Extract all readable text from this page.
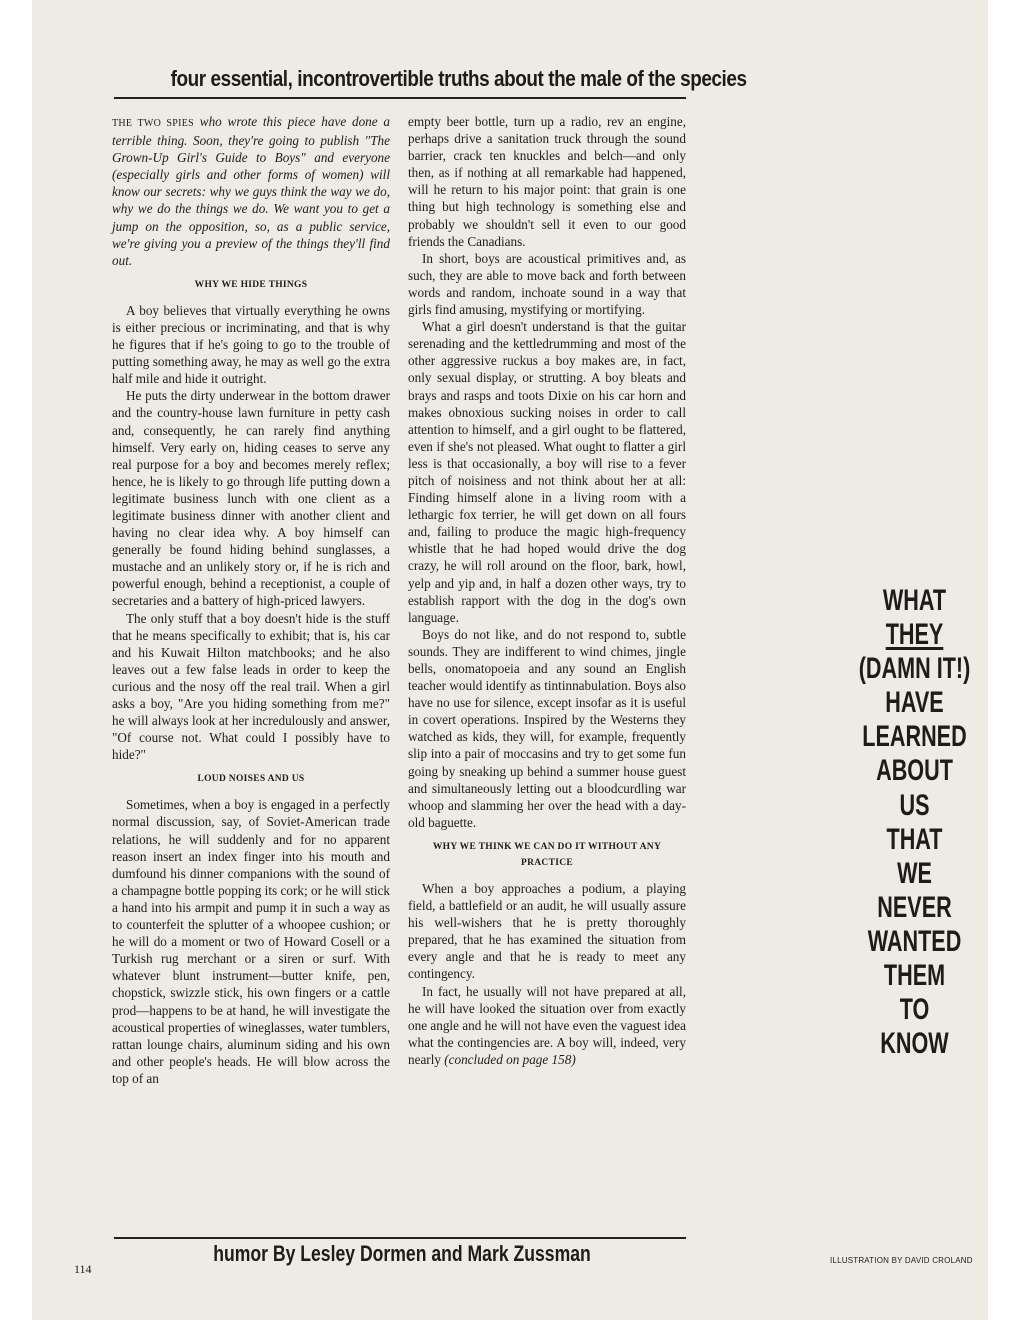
four essential, incontrovertible truths about the male of the species

THE TWO SPIES who wrote this piece have done a terrible thing. Soon, they're going to publish "The Grown-Up Girl's Guide to Boys" and everyone (especially girls and other forms of women) will know our secrets: why we guys think the way we do, why we do the things we do. We want you to get a jump on the opposition, so, as a public service, we're giving you a preview of the things they'll find out.

WHY WE HIDE THINGS

A boy believes that virtually everything he owns is either precious or incriminating, and that is why he figures that if he's going to go to the trouble of putting something away, he may as well go the extra half mile and hide it outright.

He puts the dirty underwear in the bottom drawer and the country-house lawn furniture in petty cash and, consequently, he can rarely find anything himself. Very early on, hiding ceases to serve any real purpose for a boy and becomes merely reflex; hence, he is likely to go through life putting down a legitimate business lunch with one client as a legitimate business dinner with another client and having no clear idea why. A boy himself can generally be found hiding behind sunglasses, a mustache and an unlikely story or, if he is rich and powerful enough, behind a receptionist, a couple of secretaries and a battery of high-priced lawyers.

The only stuff that a boy doesn't hide is the stuff that he means specifically to exhibit; that is, his car and his Kuwait Hilton matchbooks; and he also leaves out a few false leads in order to keep the curious and the nosy off the real trail. When a girl asks a boy, "Are you hiding something from me?" he will always look at her incredulously and answer, "Of course not. What could I possibly have to hide?"

LOUD NOISES AND US

Sometimes, when a boy is engaged in a perfectly normal discussion, say, of Soviet-American trade relations, he will suddenly and for no apparent reason insert an index finger into his mouth and dumfound his dinner companions with the sound of a champagne bottle popping its cork; or he will stick a hand into his armpit and pump it in such a way as to counterfeit the splutter of a whoopee cushion; or he will do a moment or two of Howard Cosell or a Turkish rug merchant or a siren or surf. With whatever blunt instrument—butter knife, pen, chopstick, swizzle stick, his own fingers or a cattle prod—happens to be at hand, he will investigate the acoustical properties of wineglasses, water tumblers, rattan lounge chairs, aluminum siding and his own and other people's heads. He will blow across the top of an

empty beer bottle, turn up a radio, rev an engine, perhaps drive a sanitation truck through the sound barrier, crack ten knuckles and belch—and only then, as if nothing at all remarkable had happened, will he return to his major point: that grain is one thing but high technology is something else and probably we shouldn't sell it even to our good friends the Canadians.

In short, boys are acoustical primitives and, as such, they are able to move back and forth between words and random, inchoate sound in a way that girls find amusing, mystifying or mortifying.

What a girl doesn't understand is that the guitar serenading and the kettledrumming and most of the other aggressive ruckus a boy makes are, in fact, only sexual display, or strutting. A boy bleats and brays and rasps and toots Dixie on his car horn and makes obnoxious sucking noises in order to call attention to himself, and a girl ought to be flattered, even if she's not pleased. What ought to flatter a girl less is that occasionally, a boy will rise to a fever pitch of noisiness and not think about her at all: Finding himself alone in a living room with a lethargic fox terrier, he will get down on all fours and, failing to produce the magic high-frequency whistle that he had hoped would drive the dog crazy, he will roll around on the floor, bark, howl, yelp and yip and, in half a dozen other ways, try to establish rapport with the dog in the dog's own language.

Boys do not like, and do not respond to, subtle sounds. They are indifferent to wind chimes, jingle bells, onomatopoeia and any sound an English teacher would identify as tintinnabulation. Boys also have no use for silence, except insofar as it is useful in covert operations. Inspired by the Westerns they watched as kids, they will, for example, frequently slip into a pair of moccasins and try to get some fun going by sneaking up behind a summer house guest and simultaneously letting out a bloodcurdling war whoop and slamming her over the head with a day-old baguette.

WHY WE THINK WE CAN DO IT WITHOUT ANY PRACTICE

When a boy approaches a podium, a playing field, a battlefield or an audit, he will usually assure his well-wishers that he is pretty thoroughly prepared, that he has examined the situation from every angle and that he is ready to meet any contingency.

In fact, he usually will not have prepared at all, he will have looked the situation over from exactly one angle and he will not have even the vaguest idea what the contingencies are. A boy will, indeed, very nearly (concluded on page 158)

WHAT
THEY
(DAMN IT!)
HAVE
LEARNED
ABOUT
US
THAT
WE
NEVER
WANTED
THEM
TO
KNOW
humor By Lesley Dormen and Mark Zussman
114
ILLUSTRATION BY DAVID CROLAND
